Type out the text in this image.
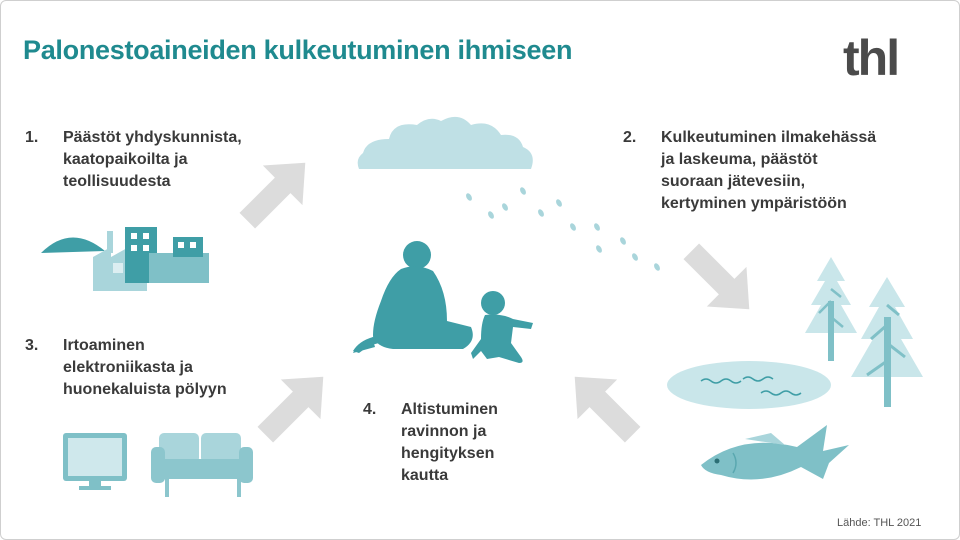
Palonestoaineiden kulkeutuminen ihmiseen	thl
1. Päästöt yhdyskunnista,
kaatopaikoilta ja
teollisuudesta
2. Kulkeutuminen ilmakehässä
ja laskeuma, päästöt
suoraan jätevesiin,
kertyminen ympäristöön
3. Irtoaminen
elektroniikasta ja
huonekaluista pölyyn
4. Altistuminen
ravinnon ja
hengityksen
kautta
Lähde: THL 2021
